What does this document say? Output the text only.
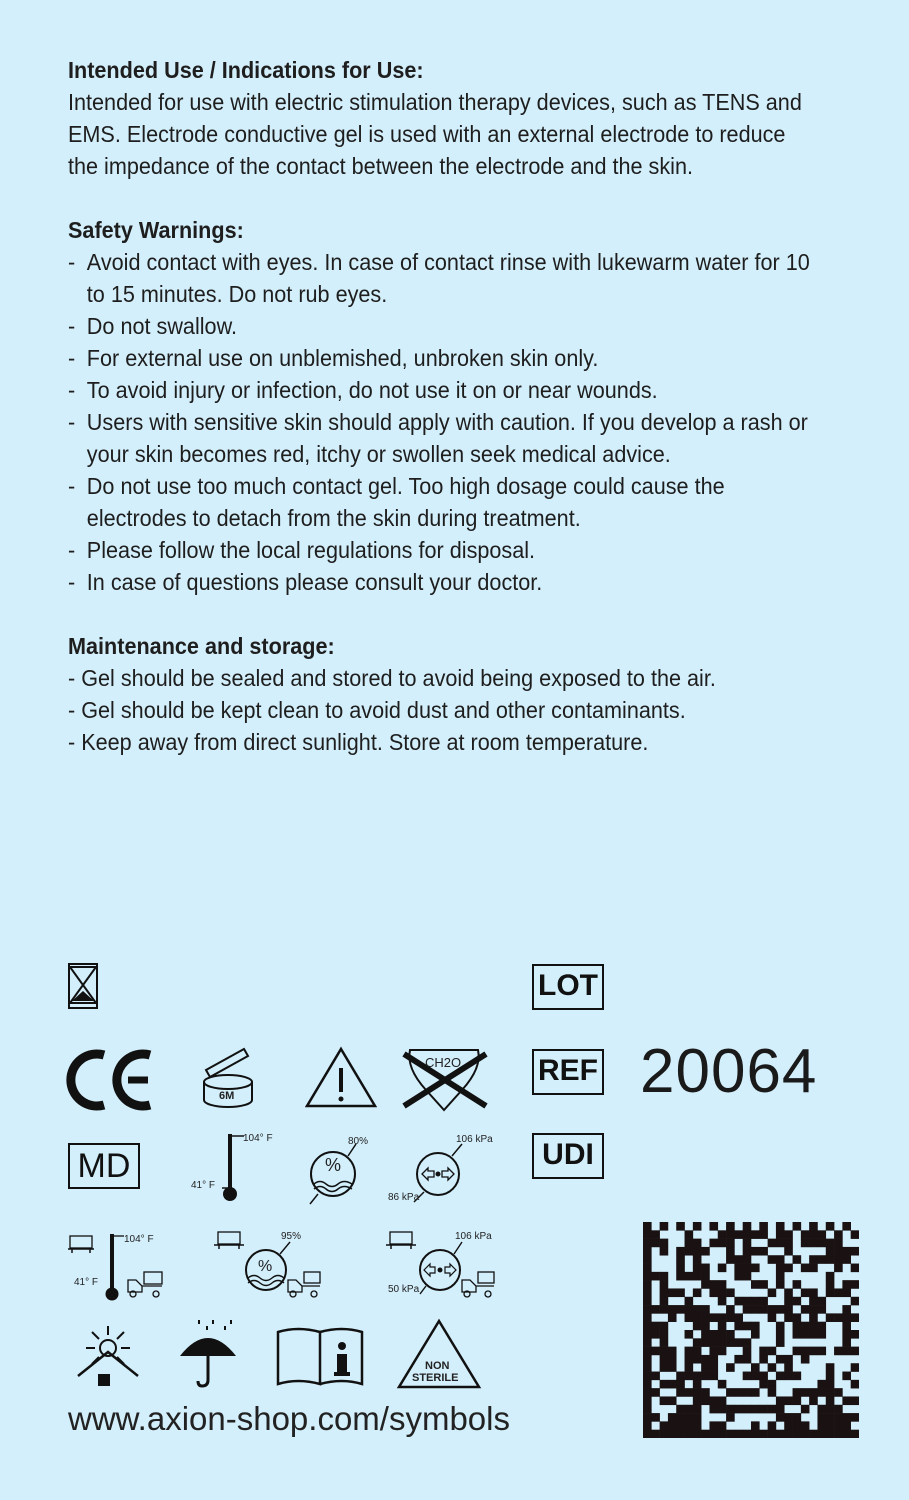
Intended Use / Indications for Use:

Intended for use with electric stimulation therapy devices, such as TENS and EMS. Electrode conductive gel is used with an external electrode to reduce the impedance of the contact between the electrode and the skin.

Safety Warnings:
- Avoid contact with eyes. In case of contact rinse with lukewarm water for 10 to 15 minutes. Do not rub eyes.
- Do not swallow.
- For external use on unblemished, unbroken skin only.
- To avoid injury or infection, do not use it on or near wounds.
- Users with sensitive skin should apply with caution. If you develop a rash or your skin becomes red, itchy or swollen seek medical advice.
- Do not use too much contact gel. Too high dosage could cause the electrodes to detach from the skin during treatment.
- Please follow the local regulations for disposal.
- In case of questions please consult your doctor.
Maintenance and storage:
- Gel should be sealed and stored to avoid being exposed to the air.
- Gel should be kept clean to avoid dust and other contaminants.
- Keep away from direct sunlight. Store at room temperature.
6M
CH2O
MD
104° F
41° F
%
80%	106 kPa
86 kPa
104° F
41° F
%
95%	106 kPa
50 kPa
NON
STERILE
LOT
REF
UDI
20064
www.axion-shop.com/symbols
